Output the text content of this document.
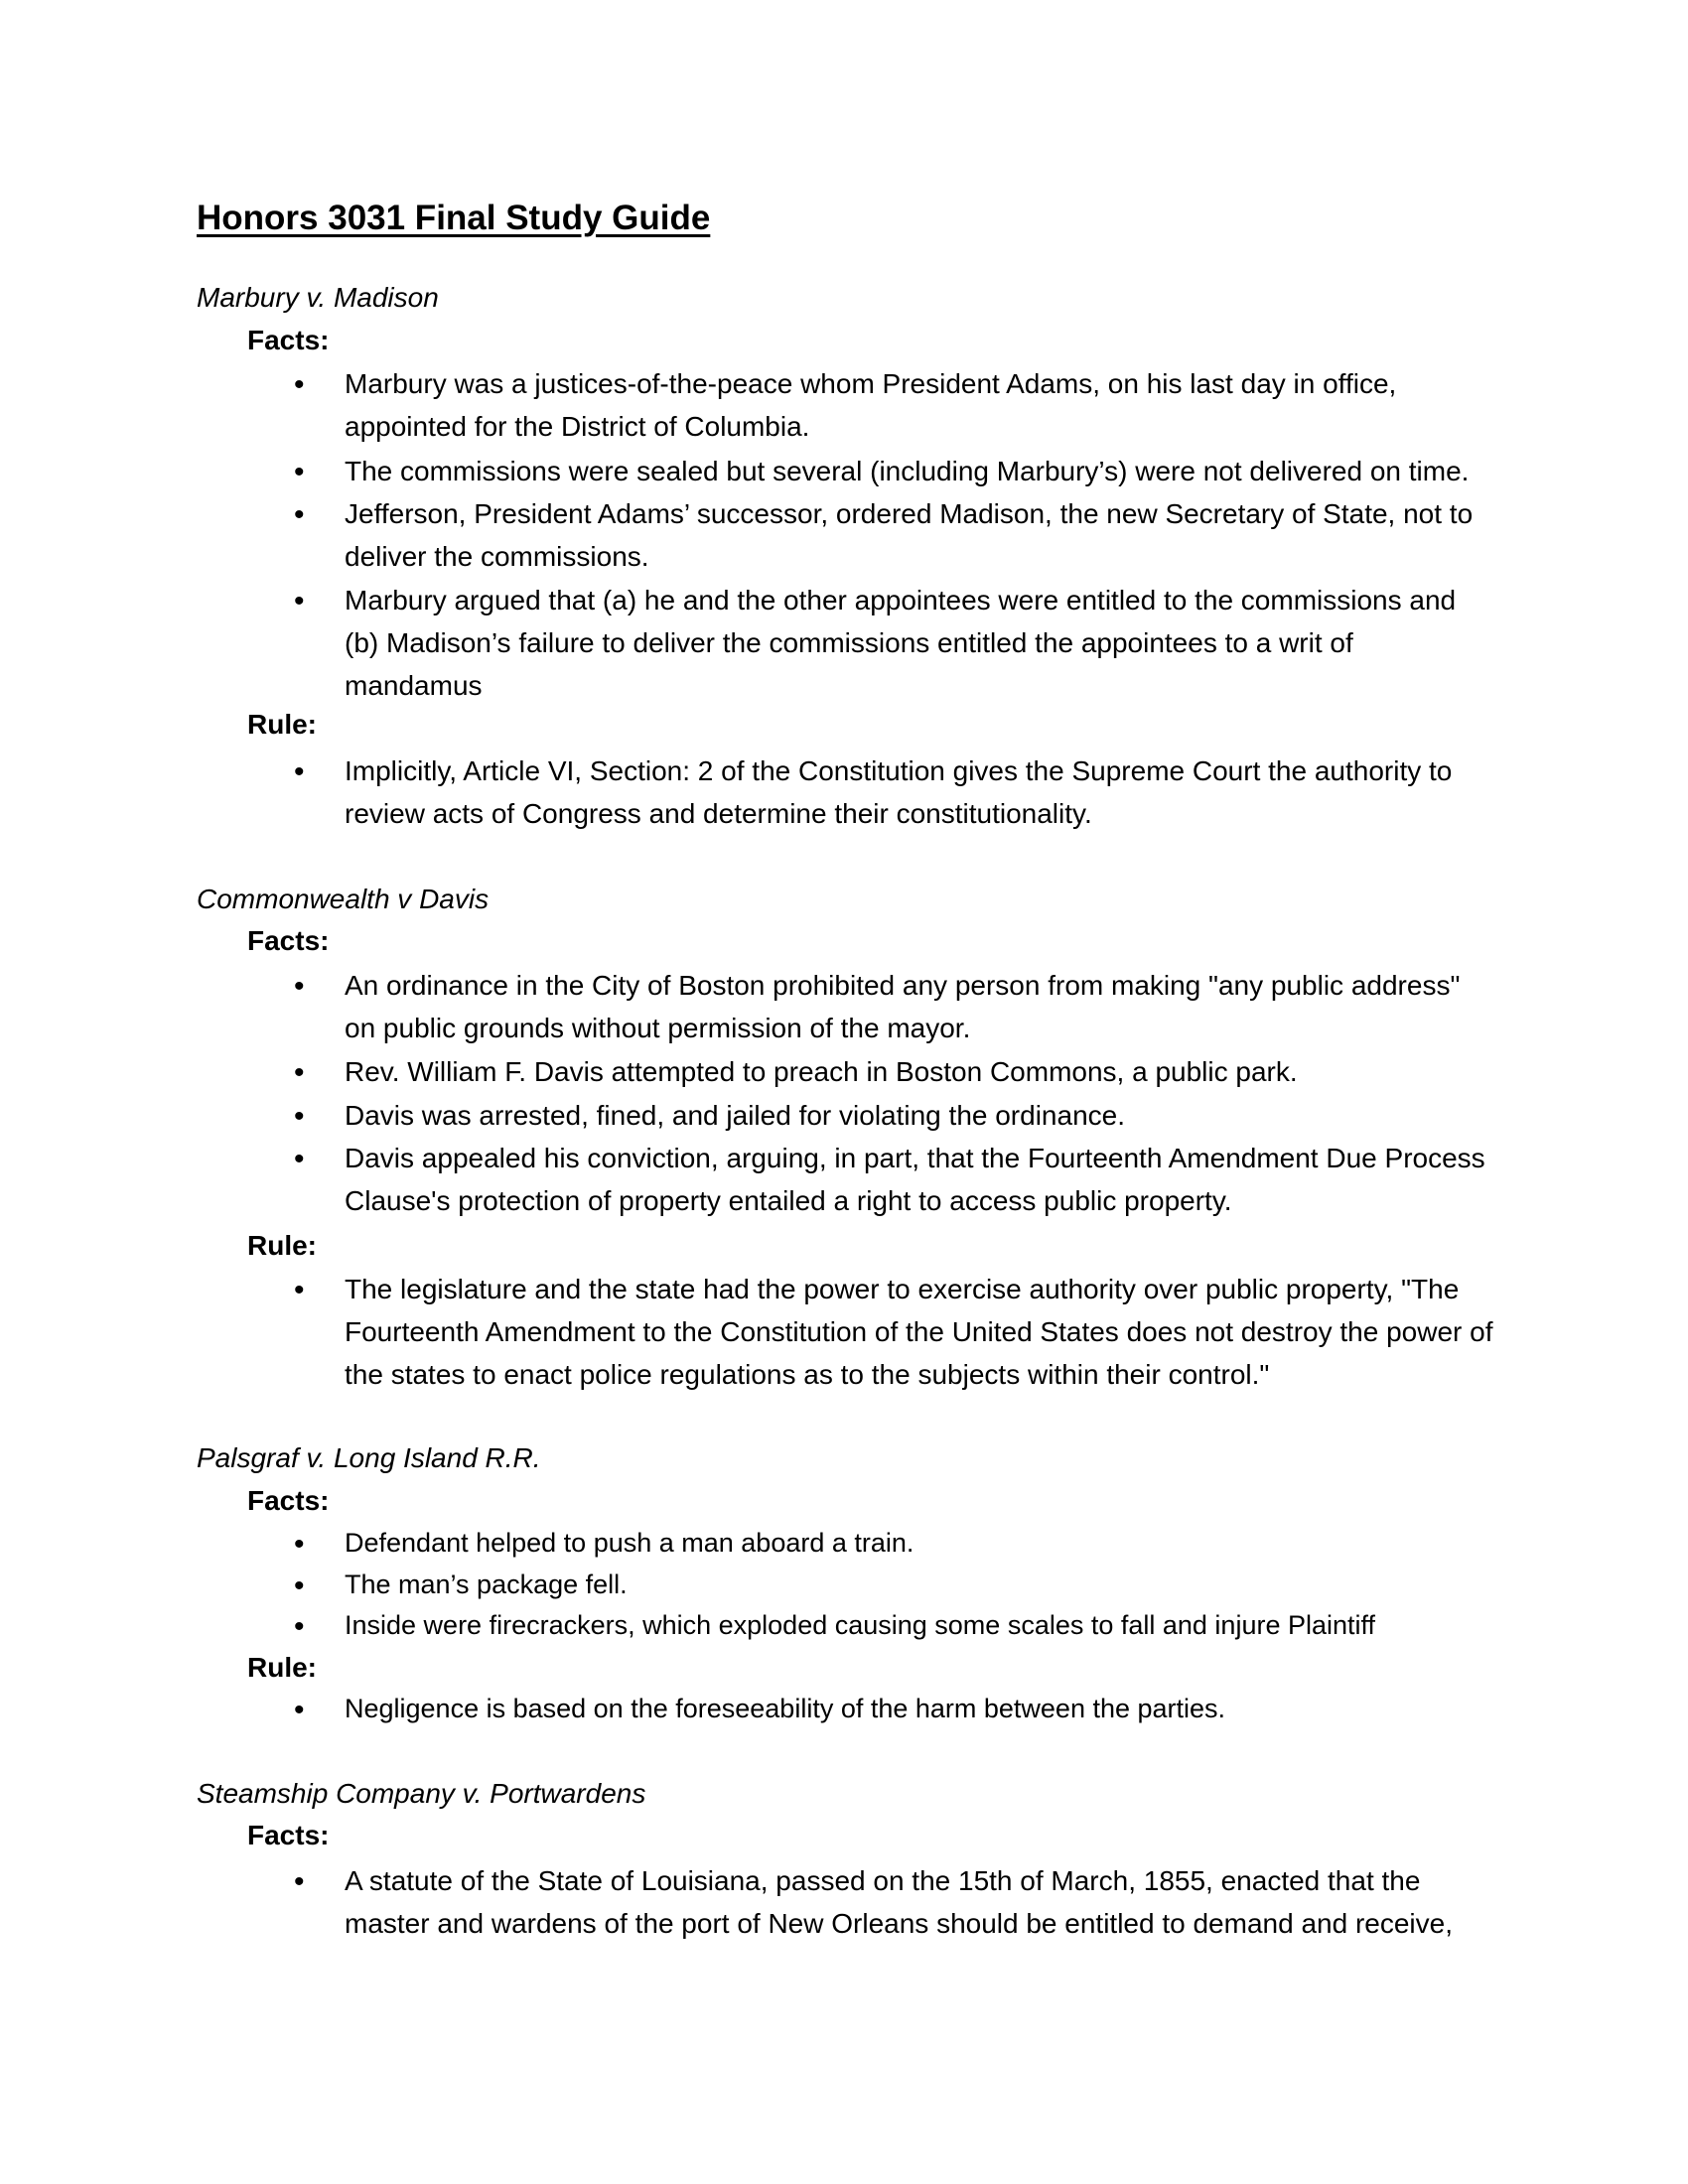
Honors 3031 Final Study Guide
Marbury v. Madison
Facts:
• Marbury was a justices-of-the-peace whom President Adams, on his last day in office, appointed for the District of Columbia.
• The commissions were sealed but several (including Marbury’s) were not delivered on time.
• Jefferson, President Adams’ successor, ordered Madison, the new Secretary of State, not to deliver the commissions.
• Marbury argued that (a) he and the other appointees were entitled to the commissions and (b) Madison’s failure to deliver the commissions entitled the appointees to a writ of mandamus
Rule:
• Implicitly, Article VI, Section: 2 of the Constitution gives the Supreme Court the authority to review acts of Congress and determine their constitutionality.
Commonwealth v Davis
Facts:
• An ordinance in the City of Boston prohibited any person from making "any public address" on public grounds without permission of the mayor.
• Rev. William F. Davis attempted to preach in Boston Commons, a public park.
• Davis was arrested, fined, and jailed for violating the ordinance.
• Davis appealed his conviction, arguing, in part, that the Fourteenth Amendment Due Process Clause's protection of property entailed a right to access public property.
Rule:
• The legislature and the state had the power to exercise authority over public property, "The Fourteenth Amendment to the Constitution of the United States does not destroy the power of the states to enact police regulations as to the subjects within their control."
Palsgraf v. Long Island R.R.
Facts:
• Defendant helped to push a man aboard a train.
• The man’s package fell.
• Inside were firecrackers, which exploded causing some scales to fall and injure Plaintiff
Rule:
• Negligence is based on the foreseeability of the harm between the parties.
Steamship Company v. Portwardens
Facts:
• A statute of the State of Louisiana, passed on the 15th of March, 1855, enacted that the master and wardens of the port of New Orleans should be entitled to demand and receive,
